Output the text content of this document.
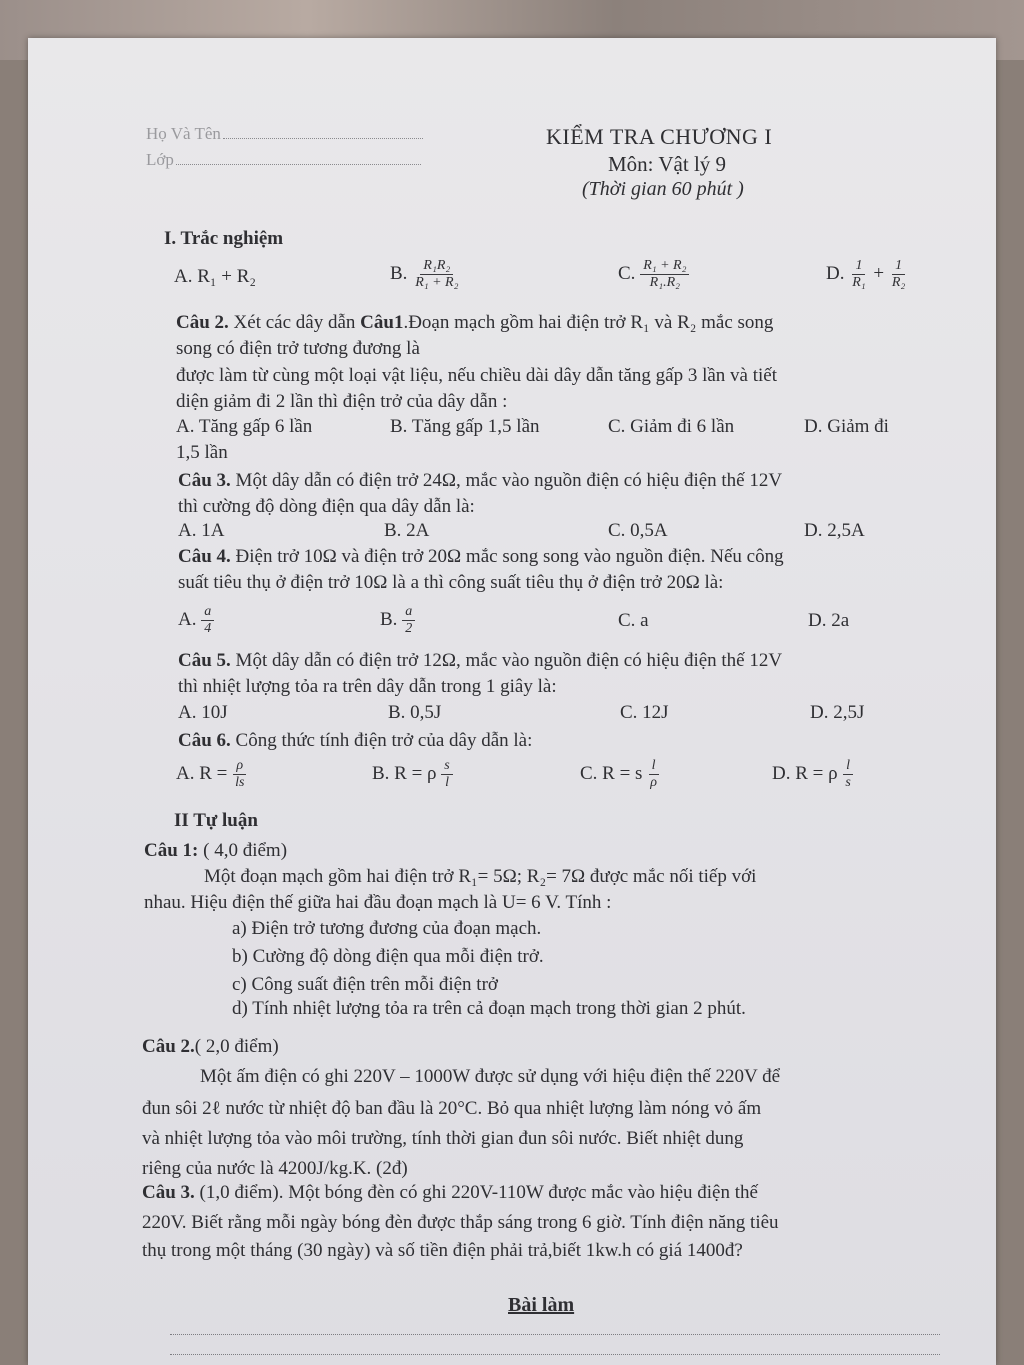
Họ Và Tên
Lớp
KIỂM TRA CHƯƠNG I
Môn: Vật lý 9
(Thời gian 60 phút )
I. Trắc nghiệm
A. R₁ + R₂	B. $\frac{\text{R₁R₂}}{\text{R₁ + R₂}}$	C. $\frac{\text{R₁ + R₂}}{\text{R₁.R₂}}$	D. $\frac{1}{\text{R₁}} + \frac{1}{\text{R₂}}$
Câu 2. Xét các dây dẫn Câu1.Đoạn mạch gồm hai điện trở R₁ và R₂ mắc song
song có điện trở tương đương là
được làm từ cùng một loại vật liệu, nếu chiều dài dây dẫn tăng gấp 3 lần và tiết
diện giảm đi 2 lần thì điện trở của dây dẫn :
A. Tăng gấp 6 lần	B. Tăng gấp 1,5 lần	C. Giảm đi 6 lần	D. Giảm đi
1,5 lần
Câu 3. Một dây dẫn có điện trở 24Ω, mắc vào nguồn điện có hiệu điện thế 12V
thì cường độ dòng điện qua dây dẫn là:
A. 1A	B. 2A	C. 0,5A	D. 2,5A
Câu 4. Điện trở 10Ω và điện trở 20Ω mắc song song vào nguồn điện. Nếu công
suất tiêu thụ ở điện trở 10Ω là a thì công suất tiêu thụ ở điện trở 20Ω là:
A. $\frac{a}{4}$	B. $\frac{a}{2}$	C. a	D. 2a
Câu 5. Một dây dẫn có điện trở 12Ω, mắc vào nguồn điện có hiệu điện thế 12V
thì nhiệt lượng tỏa ra trên dây dẫn trong 1 giây là:
A. 10J	B. 0,5J	C. 12J	D. 2,5J
Câu 6. Công thức tính điện trở của dây dẫn là:
A. $R = \frac{\rho}{ls}$	B. R = ρ $\frac{s}{l}$	C. R = s $\frac{l}{\rho}$	D. R = ρ $\frac{l}{s}$
II Tự luận
Câu 1: ( 4,0 điểm)
Một đoạn mạch gồm hai điện trở R₁= 5Ω; R₂= 7Ω được mắc nối tiếp với
nhau. Hiệu điện thế giữa hai đầu đoạn mạch là U= 6 V. Tính :
a) Điện trở tương đương của đoạn mạch.
b) Cường độ dòng điện qua mỗi điện trở.
c) Công suất điện trên mỗi điện trở
d) Tính nhiệt lượng tỏa ra trên cả đoạn mạch trong thời gian 2 phút.
Câu 2.( 2,0 điểm)
Một ấm điện có ghi 220V – 1000W được sử dụng với hiệu điện thế 220V để
đun sôi 2ℓ nước từ nhiệt độ ban đầu là 20°C. Bỏ qua nhiệt lượng làm nóng vỏ ấm
và nhiệt lượng tỏa vào môi trường, tính thời gian đun sôi nước. Biết nhiệt dung
riêng của nước là 4200J/kg.K. (2đ)
Câu 3. (1,0 điểm). Một bóng đèn có ghi 220V-110W được mắc vào hiệu điện thế
220V. Biết rằng mỗi ngày bóng đèn được thắp sáng trong 6 giờ. Tính điện năng tiêu
thụ trong một tháng (30 ngày) và số tiền điện phải trả,biết 1kw.h có giá 1400đ?
Bài làm
